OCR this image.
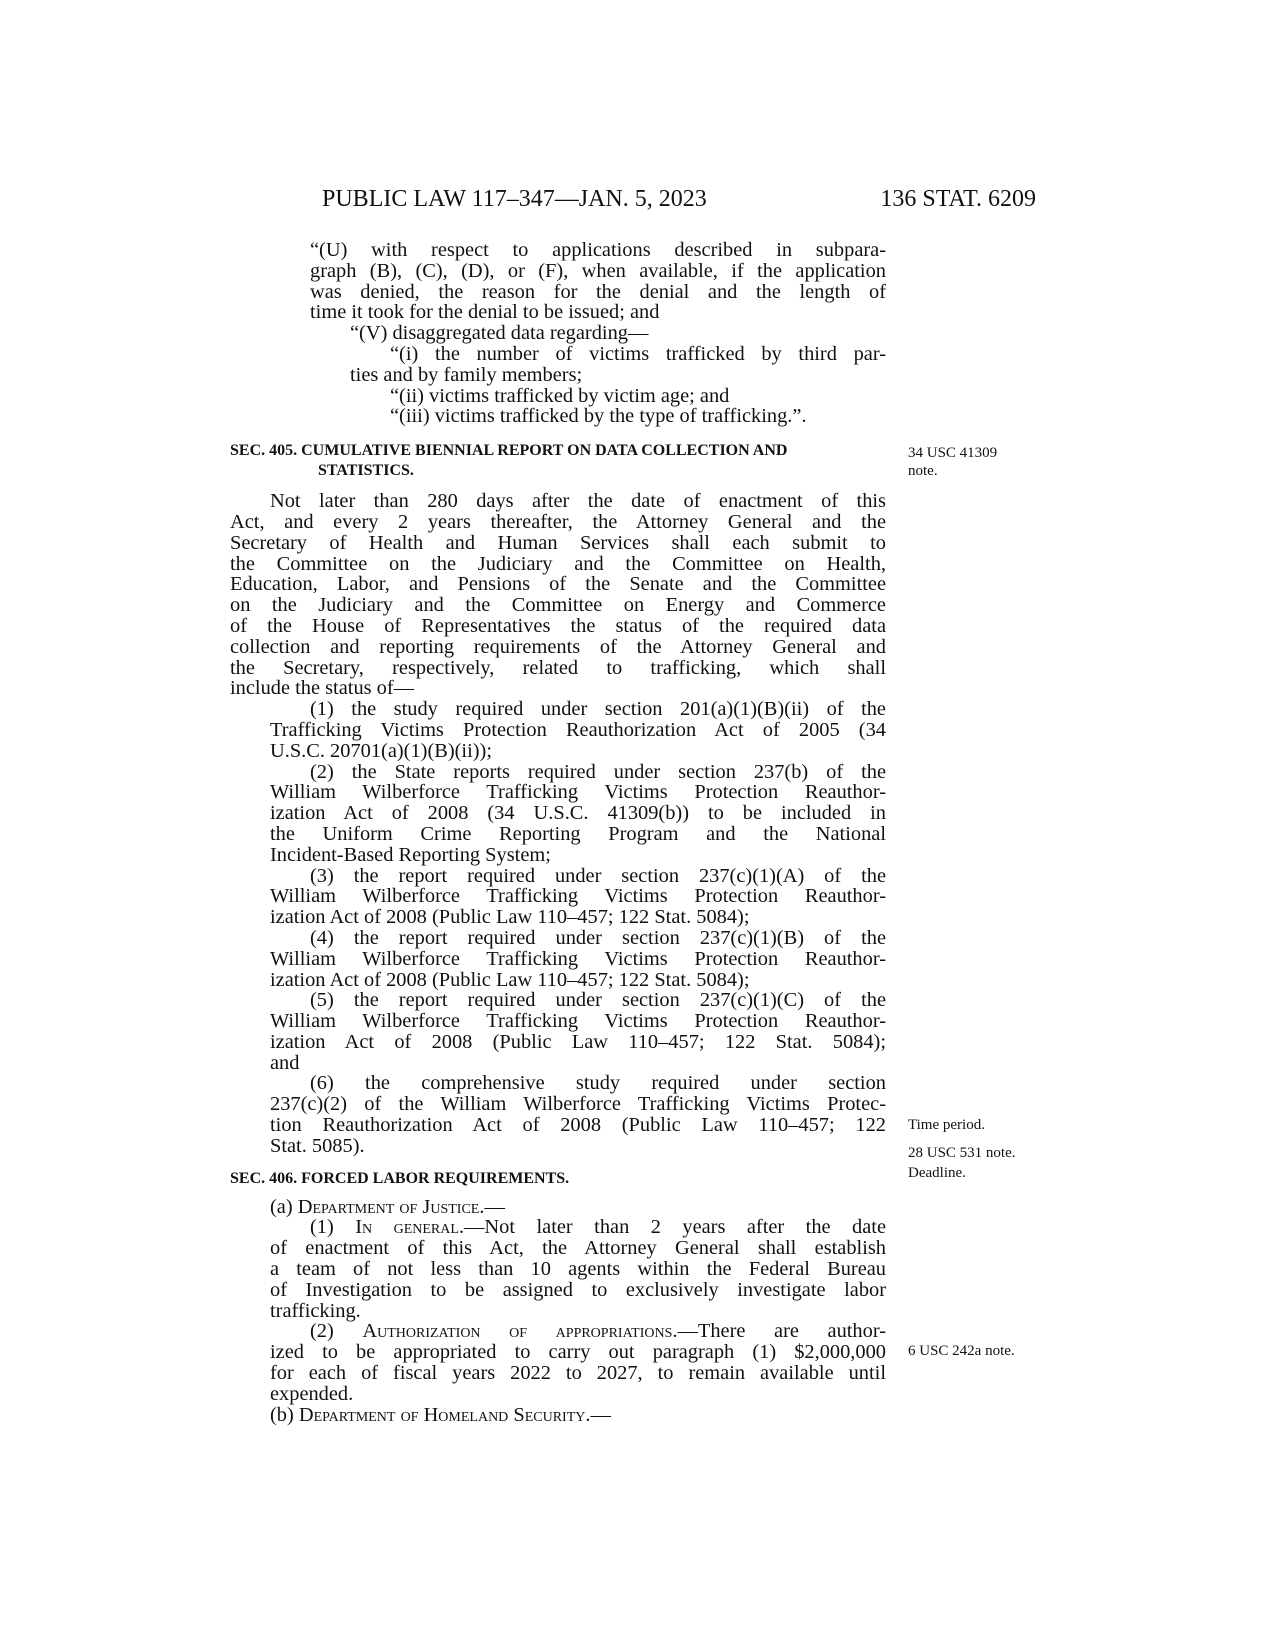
PUBLIC LAW 117–347—JAN. 5, 2023	136 STAT. 6209

“(U) with respect to applications described in subpara-

graph (B), (C), (D), or (F), when available, if the application

was denied, the reason for the denial and the length of

time it took for the denial to be issued; and

“(V) disaggregated data regarding—

“(i) the number of victims trafficked by third par-

ties and by family members;

“(ii) victims trafficked by victim age; and

“(iii) victims trafficked by the type of trafficking.”.

SEC. 405. CUMULATIVE BIENNIAL REPORT ON DATA COLLECTION AND
STATISTICS.

Not later than 280 days after the date of enactment of this

Act, and every 2 years thereafter, the Attorney General and the

Secretary of Health and Human Services shall each submit to

the Committee on the Judiciary and the Committee on Health,

Education, Labor, and Pensions of the Senate and the Committee

on the Judiciary and the Committee on Energy and Commerce

of the House of Representatives the status of the required data

collection and reporting requirements of the Attorney General and

the Secretary, respectively, related to trafficking, which shall

include the status of—

(1) the study required under section 201(a)(1)(B)(ii) of the

Trafficking Victims Protection Reauthorization Act of 2005 (34

U.S.C. 20701(a)(1)(B)(ii));

(2) the State reports required under section 237(b) of the

William Wilberforce Trafficking Victims Protection Reauthor-

ization Act of 2008 (34 U.S.C. 41309(b)) to be included in

the Uniform Crime Reporting Program and the National

Incident-Based Reporting System;

(3) the report required under section 237(c)(1)(A) of the

William Wilberforce Trafficking Victims Protection Reauthor-

ization Act of 2008 (Public Law 110–457; 122 Stat. 5084);

(4) the report required under section 237(c)(1)(B) of the

William Wilberforce Trafficking Victims Protection Reauthor-

ization Act of 2008 (Public Law 110–457; 122 Stat. 5084);

(5) the report required under section 237(c)(1)(C) of the

William Wilberforce Trafficking Victims Protection Reauthor-

ization Act of 2008 (Public Law 110–457; 122 Stat. 5084);

and

(6) the comprehensive study required under section

237(c)(2) of the William Wilberforce Trafficking Victims Protec-

tion Reauthorization Act of 2008 (Public Law 110–457; 122

Stat. 5085).

SEC. 406. FORCED LABOR REQUIREMENTS.

(a) Department of Justice.—

(1) In general.—Not later than 2 years after the date

of enactment of this Act, the Attorney General shall establish

a team of not less than 10 agents within the Federal Bureau

of Investigation to be assigned to exclusively investigate labor

trafficking.

(2) Authorization of appropriations.—There are author-

ized to be appropriated to carry out paragraph (1) $2,000,000

for each of fiscal years 2022 to 2027, to remain available until

expended.

(b) Department of Homeland Security.—

34 USC 41309
note.
Time period.
28 USC 531 note.
Deadline.
6 USC 242a note.
